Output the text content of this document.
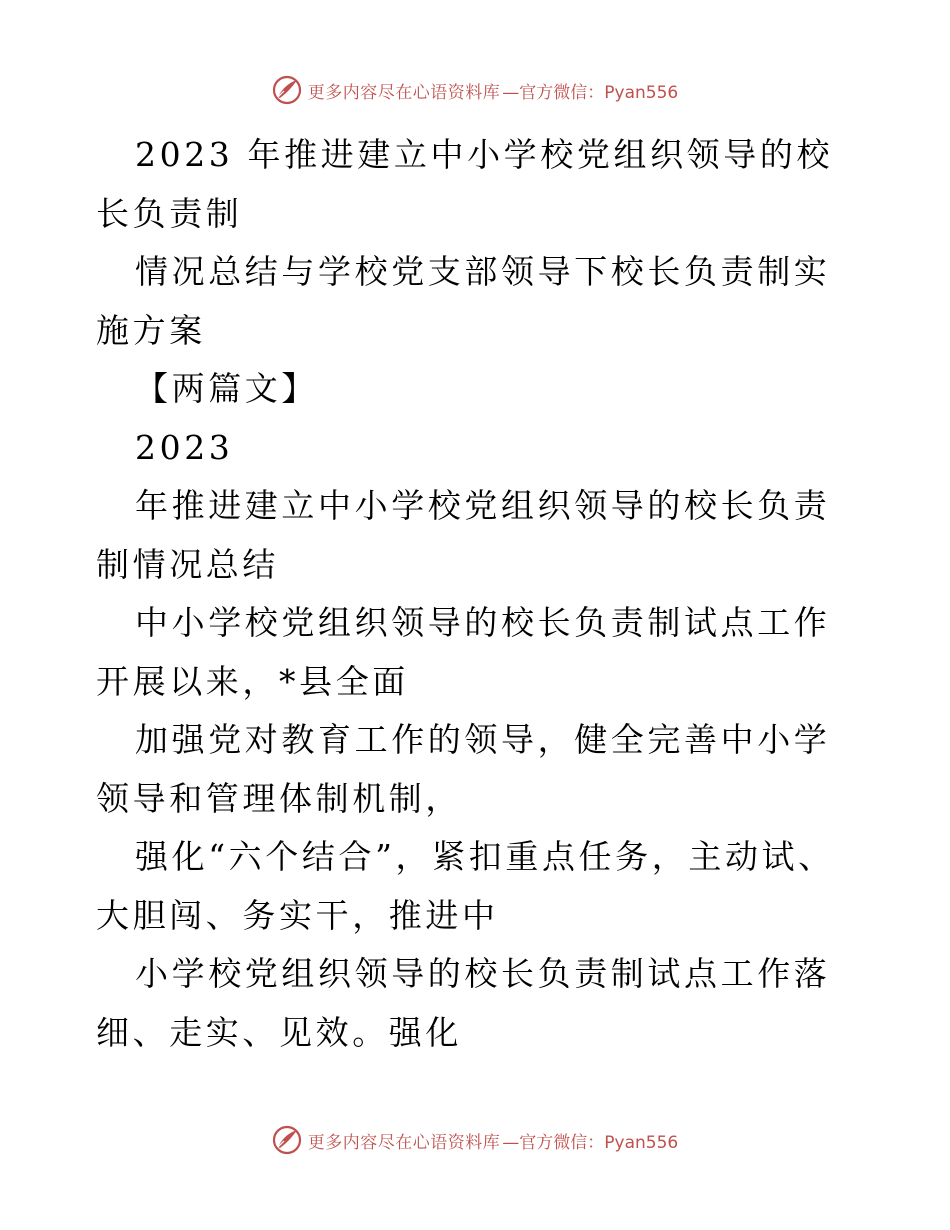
更多内容尽在心语资料库 —官方微信：Pyan556

2023 年推进建立中小学校党组织领导的校长负责制

情况总结与学校党支部领导下校长负责制实施方案

【两篇文】

2023

年推进建立中小学校党组织领导的校长负责制情况总结

中小学校党组织领导的校长负责制试点工作开展以来，*县全面

加强党对教育工作的领导，健全完善中小学领导和管理体制机制，

强化“六个结合”，紧扣重点任务，主动试、大胆闯、务实干，推进中

小学校党组织领导的校长负责制试点工作落细、走实、见效。强化

更多内容尽在心语资料库 —官方微信：Pyan556
